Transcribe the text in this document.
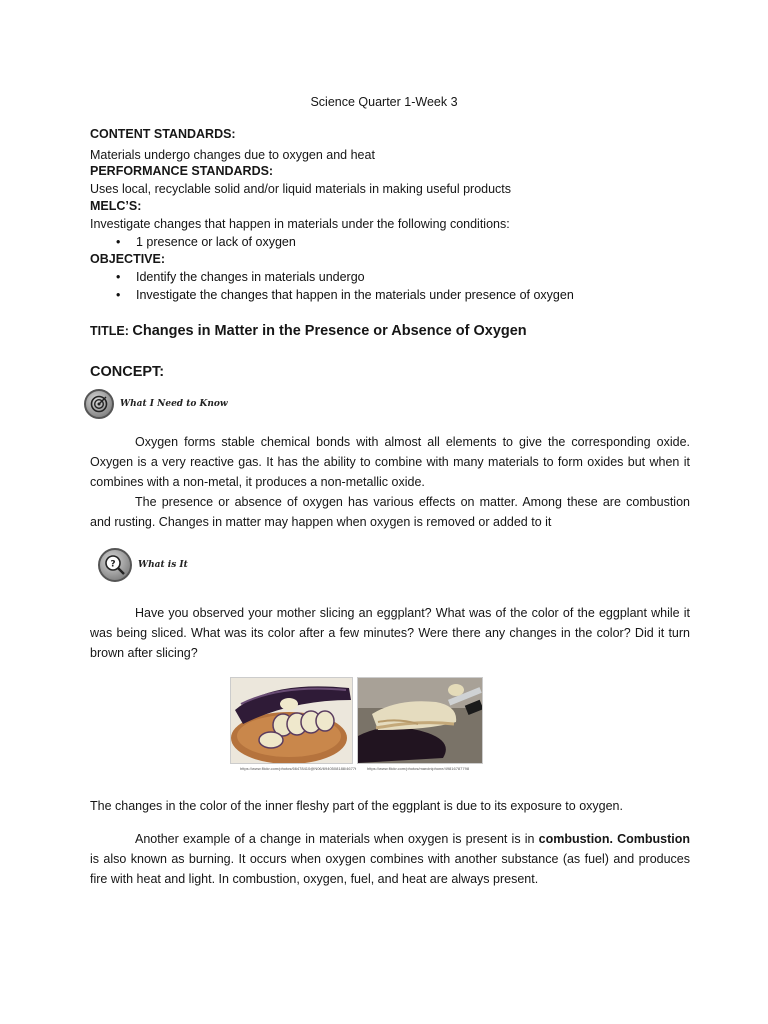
Science Quarter 1-Week 3
CONTENT STANDARDS:
Materials undergo changes due to oxygen and heat
PERFORMANCE STANDARDS:
Uses local, recyclable solid and/or liquid materials in making useful products
MELC’S:
Investigate changes that happen in materials under the following conditions:
• 1 presence or lack of oxygen
OBJECTIVE:
• Identify the changes in materials undergo
• Investigate the changes that happen in the materials under presence of oxygen
TITLE: Changes in Matter in the Presence or Absence of Oxygen
CONCEPT:
What I Need to Know

Oxygen forms stable chemical bonds with almost all elements to give the corresponding oxide. Oxygen is a very reactive gas. It has the ability to combine with many materials to form oxides but when it combines with a non-metal, it produces a non-metallic oxide.

The presence or absence of oxygen has various effects on matter. Among these are combustion and rusting. Changes in matter may happen when oxygen is removed or added to it

? What is It

Have you observed your mother slicing an eggplant? What was of the color of the eggplant while it was being sliced. What was its color after a few minutes? Were there any changes in the color? Did it turn brown after slicing?

https://www.flickr.com/photos/66478410@N06/6940508188/4677t	https://www.flickr.com/photos/marciniphone/49816787798
The changes in the color of the inner fleshy part of the eggplant is due to its exposure to oxygen.

Another example of a change in materials when oxygen is present is in combustion. Combustion is also known as burning. It occurs when oxygen combines with another substance (as fuel) and produces fire with heat and light. In combustion, oxygen, fuel, and heat are always present.
